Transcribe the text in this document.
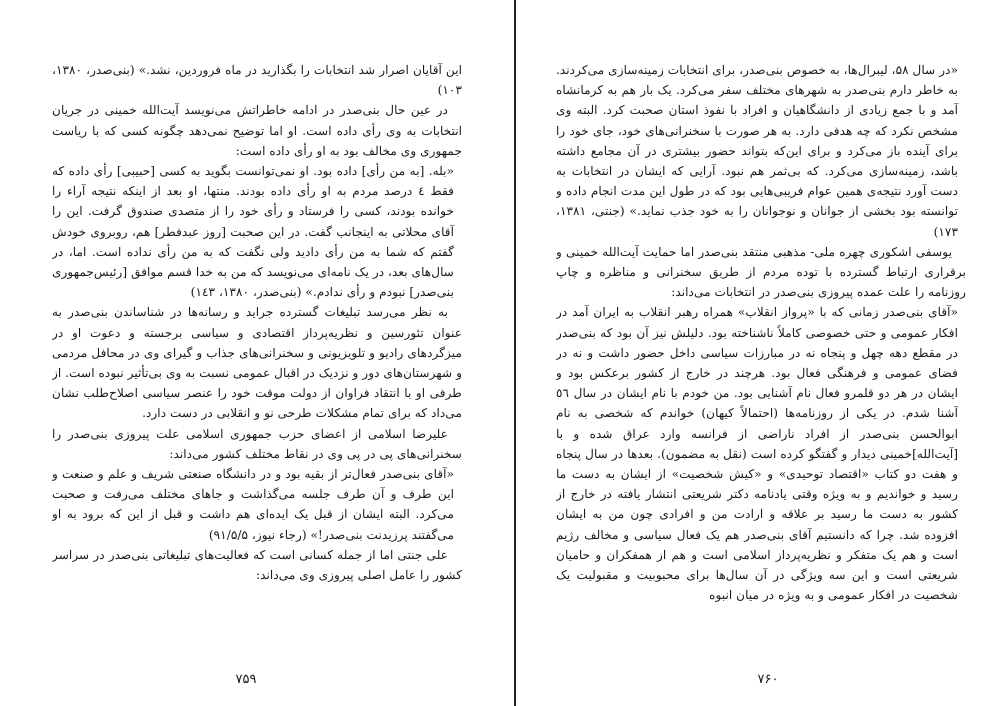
این آقایان اصرار شد انتخابات را بگذارید در ماه فروردین، نشد.» (بنی‌صدر، ۱۳۸۰، ۱۰۳)

در عین حال بنی‌صدر در ادامه خاطراتش می‌نویسد آیت‌الله خمینی در جریان انتخابات به وی رأی داده است. او اما توضیح نمی‌دهد چگونه کسی که با ریاست جمهوری وی مخالف بود به او رأی داده است:

«بله. [به من رأی] داده بود. او نمی‌توانست بگوید به کسی [حبیبی] رأی داده که فقط ٤ درصد مردم به او رأی داده بودند. منتها، او بعد از اینکه نتیجه آراء را خوانده بودند، کسی را فرستاد و رأی خود را از متصدی صندوق گرفت. این را آقای محلاتی به اینجانب گفت. در این صحبت [روز عبدفطر] هم، روبروی خودش گفتم که شما به من رأی دادید ولی نگفت که به من رأی نداده است. اما، در سال‌های بعد، در یک نامه‌ای می‌نویسد که من به خدا قسم موافق [رئیس‌جمهوری بنی‌صدر] نبودم و رأی ندادم.» (بنی‌صدر، ۱۳۸۰، ۱٤۳)

به نظر می‌رسد تبلیغات گسترده جراید و رسانه‌ها در شناساندن بنی‌صدر به عنوان تئورسین و نظریه‌پرداز اقتصادی و سیاسی برجسته و دعوت او در میزگردهای رادیو و تلویزیونی و سخنرانی‌های جذاب و گیرای وی در محافل مردمی و شهرستان‌های دور و نزدیک در اقبال عمومی نسبت به وی بی‌تأثیر نبوده است. از طرفی او با انتقاد فراوان از دولت موقت خود را عنصر سیاسی اصلاح‌طلب نشان می‌داد که برای تمام مشکلات طرحی نو و انقلابی در دست دارد.

علیرضا اسلامی از اعضای حزب جمهوری اسلامی علت پیروزی بنی‌صدر را سخنرانی‌های پی در پی وی در نقاط مختلف کشور می‌داند:

«آقای بنی‌صدر فعال‌تر از بقیه بود و در دانشگاه صنعتی شریف و علم و صنعت و این طرف و آن طرف جلسه می‌گذاشت و جاهای مختلف می‌رفت و صحبت می‌کرد. البته ایشان از قبل یک ایده‌ای هم داشت و قبل از این که برود به او می‌گفتند پرزیدنت بنی‌صدر!» (رجاء نیوز، ۹۱/۵/۵)

علی جنتی اما از جمله کسانی است که فعالیت‌های تبلیغاتی بنی‌صدر در سراسر کشور را عامل اصلی پیروزی وی می‌داند:

«در سال ۵۸، لیبرال‌ها، به خصوص بنی‌صدر، برای انتخابات زمینه‌سازی می‌کردند. به خاطر دارم بنی‌صدر به شهرهای مختلف سفر می‌کرد. یک بار هم به کرمانشاه آمد و با جمع زیادی از دانشگاهیان و افراد با نفوذ استان صحبت کرد. البته وی مشخص نکرد که چه هدفی دارد. به هر صورت با سخنرانی‌های خود، جای خود را برای آینده باز می‌کرد و برای این‌که بتواند حضور بیشتری در آن مجامع داشته باشد، زمینه‌سازی می‌کرد. که بی‌ثمر هم نبود. آرایی که ایشان در انتخابات به دست آورد نتیجه‌ی همین عوام فریبی‌هایی بود که در طول این مدت انجام داده و توانسته بود بخشی از جوانان و نوجوانان را به خود جذب نماید.» (جنتی، ۱۳۸۱، ۱۷۳)

یوسفی اشکوری چهره ملی- مذهبی منتقد بنی‌صدر اما حمایت آیت‌الله خمینی و برقراری ارتباط گسترده با توده مردم از طریق سخنرانی و مناظره و چاپ روزنامه را علت عمده پیروزی بنی‌صدر در انتخابات می‌داند:

«آقای بنی‌صدر زمانی که با «پرواز انقلاب» همراه رهبر انقلاب به ایران آمد در افکار عمومی و حتی خصوصی کاملاً ناشناخته بود. دلیلش نیز آن بود که بنی‌صدر در مقطع دهه چهل و پنجاه نه در مبارزات سیاسی داخل حضور داشت و نه در فضای عمومی و فرهنگی فعال بود. هرچند در خارج از کشور برعکس بود و ایشان در هر دو قلمرو فعال نام آشنایی بود. من خودم با نام ایشان در سال ٥٦ آشنا شدم. در یکی از روزنامه‌ها (احتمالاً کیهان) خواندم که شخصی به نام ابوالحسن بنی‌صدر از افراد ناراضی از فرانسه وارد عراق شده و با [آیت‌الله]خمینی دیدار و گفتگو کرده است (نقل به مضمون). بعدها در سال پنجاه و هفت دو کتاب «اقتصاد توحیدی» و «کیش شخصیت» از ایشان به دست ما رسید و خواندیم و به ویژه وقتی یادنامه دکتر شریعتی انتشار یافته در خارج از کشور به دست ما رسید بر علاقه و ارادت من و افرادی چون من به ایشان افزوده شد. چرا که دانستیم آقای بنی‌صدر هم یک فعال سیاسی و مخالف رژیم است و هم یک متفکر و نظریه‌پرداز اسلامی است و هم از همفکران و حامیان شریعتی است و این سه ویژگی در آن سال‌ها برای محبوبیت و مقبولیت یک شخصیت در افکار عمومی و به ویژه در میان انبوه

۷۵۹	۷۶۰
